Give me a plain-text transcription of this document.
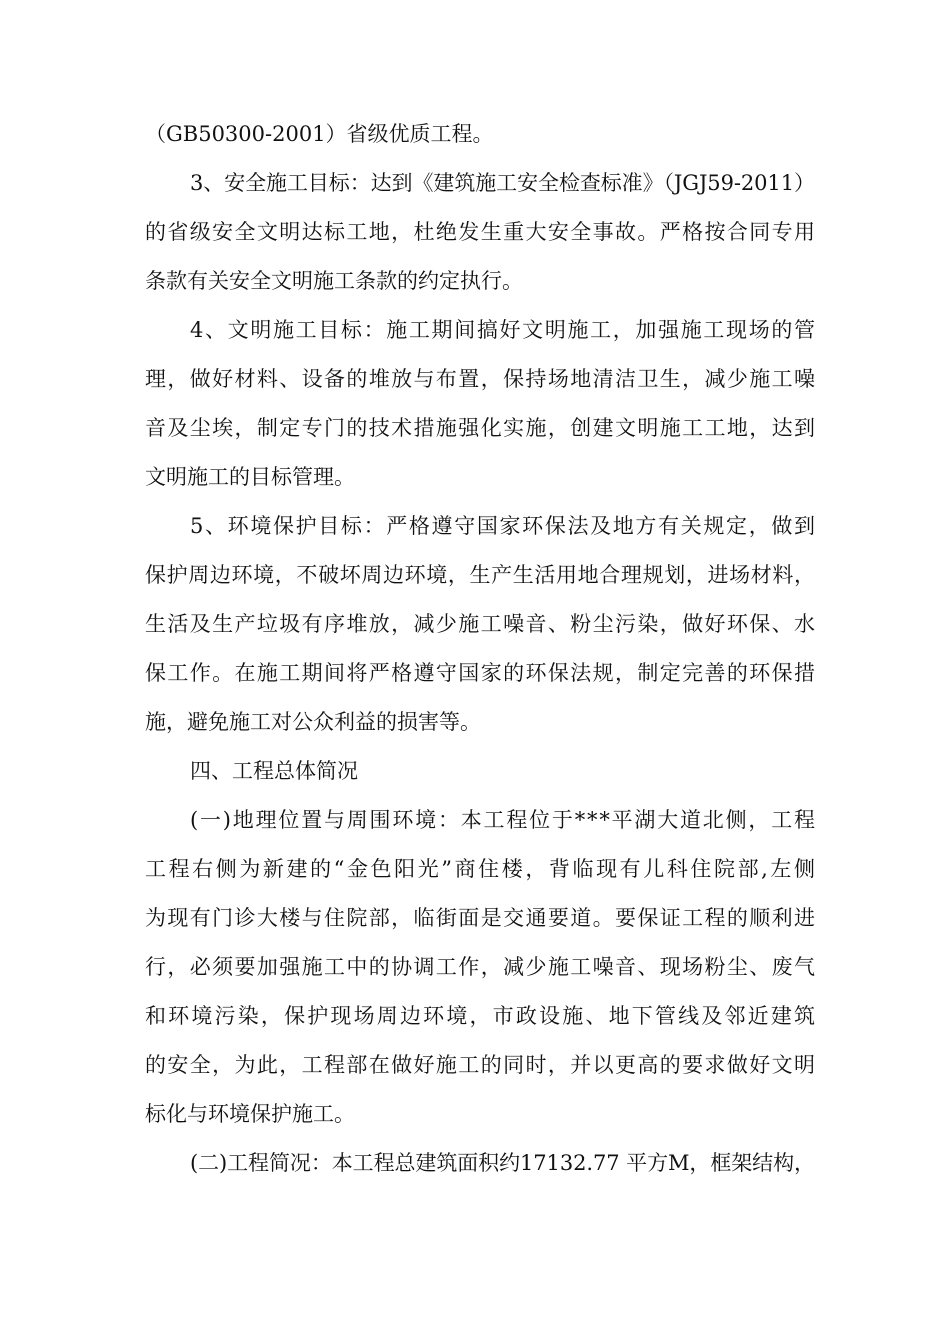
（GB50300-2001）省级优质工程。
3、安全施工目标：达到《建筑施工安全检查标准》（JGJ59-2011）
的省级安全文明达标工地，杜绝发生重大安全事故。严格按合同专用
条款有关安全文明施工条款的约定执行。
4、文明施工目标：施工期间搞好文明施工，加强施工现场的管
理，做好材料、设备的堆放与布置，保持场地清洁卫生，减少施工噪
音及尘埃，制定专门的技术措施强化实施，创建文明施工工地，达到
文明施工的目标管理。
5、环境保护目标：严格遵守国家环保法及地方有关规定，做到
保护周边环境，不破坏周边环境，生产生活用地合理规划，进场材料，
生活及生产垃圾有序堆放，减少施工噪音、粉尘污染，做好环保、水
保工作。在施工期间将严格遵守国家的环保法规，制定完善的环保措
施，避免施工对公众利益的损害等。
四、工程总体简况
(一)地理位置与周围环境：本工程位于***平湖大道北侧，工程
工程右侧为新建的“金色阳光”商住楼，背临现有儿科住院部,左侧
为现有门诊大楼与住院部，临街面是交通要道。要保证工程的顺利进
行，必须要加强施工中的协调工作，减少施工噪音、现场粉尘、废气
和环境污染，保护现场周边环境，市政设施、地下管线及邻近建筑
的安全，为此，工程部在做好施工的同时，并以更高的要求做好文明
标化与环境保护施工。
(二)工程简况：本工程总建筑面积约17132.77 平方M，框架结构，
